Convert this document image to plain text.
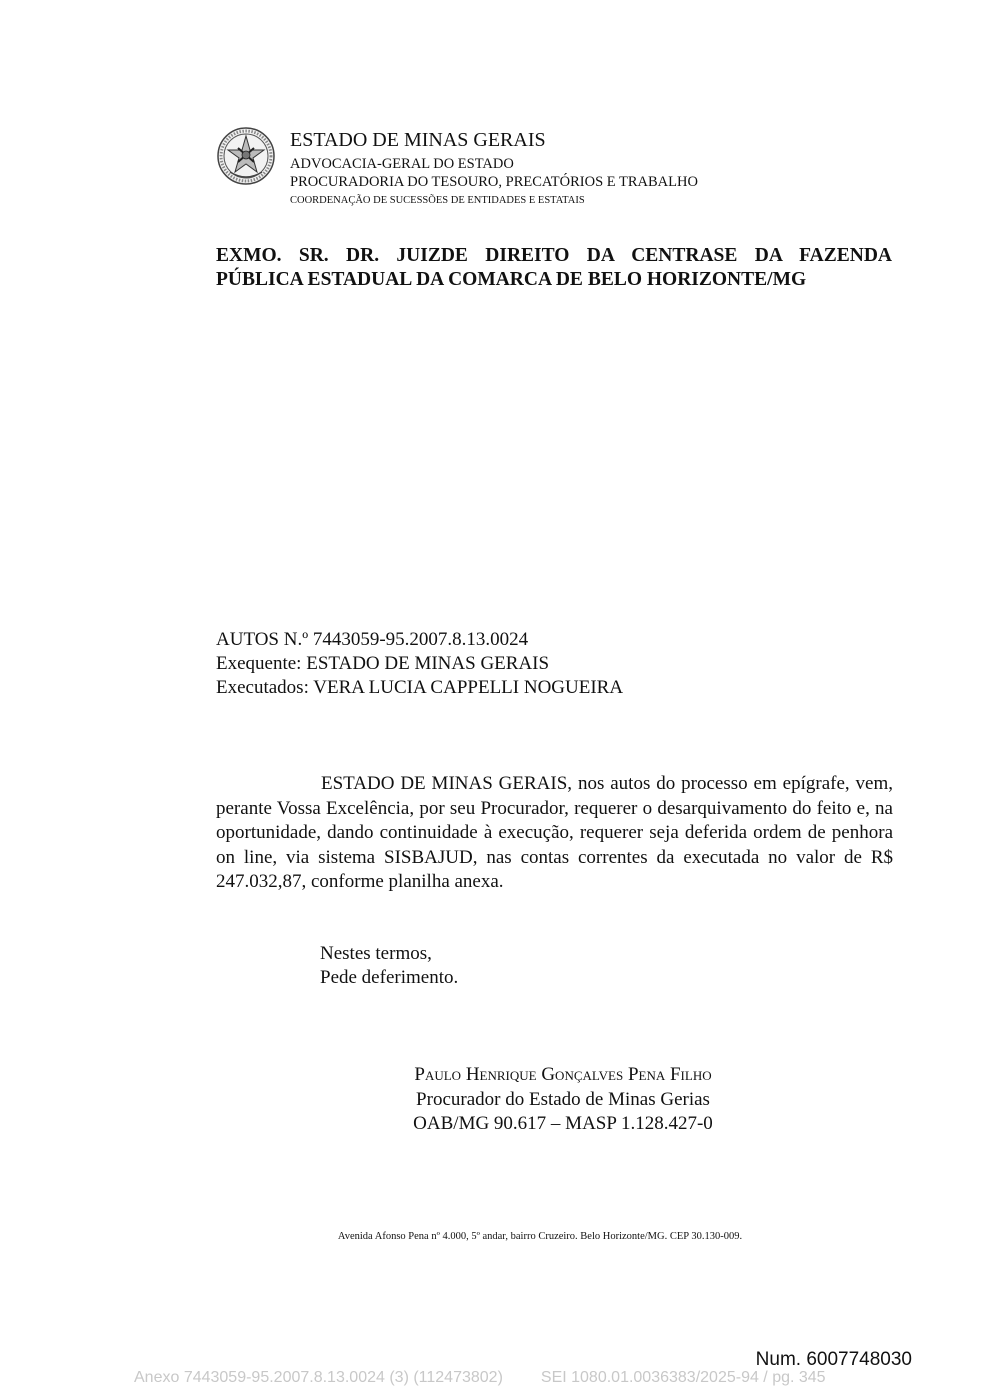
ESTADO DE MINAS GERAIS
ADVOCACIA-GERAL DO ESTADO
PROCURADORIA DO TESOURO, PRECATÓRIOS E TRABALHO
COORDENAÇÃO DE SUCESSÕES DE ENTIDADES E ESTATAIS
EXMO. SR. DR. JUIZDE DIREITO DA CENTRASE DA FAZENDA
PÚBLICA ESTADUAL DA COMARCA DE BELO HORIZONTE/MG
AUTOS N.º 7443059-95.2007.8.13.0024
Exequente: ESTADO DE MINAS GERAIS
Executados: VERA LUCIA CAPPELLI NOGUEIRA

ESTADO DE MINAS GERAIS, nos autos do processo em epígrafe, vem, perante Vossa Excelência, por seu Procurador, requerer o desarquivamento do feito e, na oportunidade, dando continuidade à execução, requerer seja deferida ordem de penhora on line, via sistema SISBAJUD, nas contas correntes da executada no valor de R$ 247.032,87, conforme planilha anexa.

Nestes termos,
Pede deferimento.
Paulo Henrique Gonçalves Pena Filho
Procurador do Estado de Minas Gerias
OAB/MG 90.617 – MASP 1.128.427-0
Avenida Afonso Pena nº 4.000, 5º andar, bairro Cruzeiro. Belo Horizonte/MG. CEP 30.130-009.
Num. 6007748030
Anexo 7443059-95.2007.8.13.0024 (3) (112473802) SEI 1080.01.0036383/2025-94 / pg. 345
